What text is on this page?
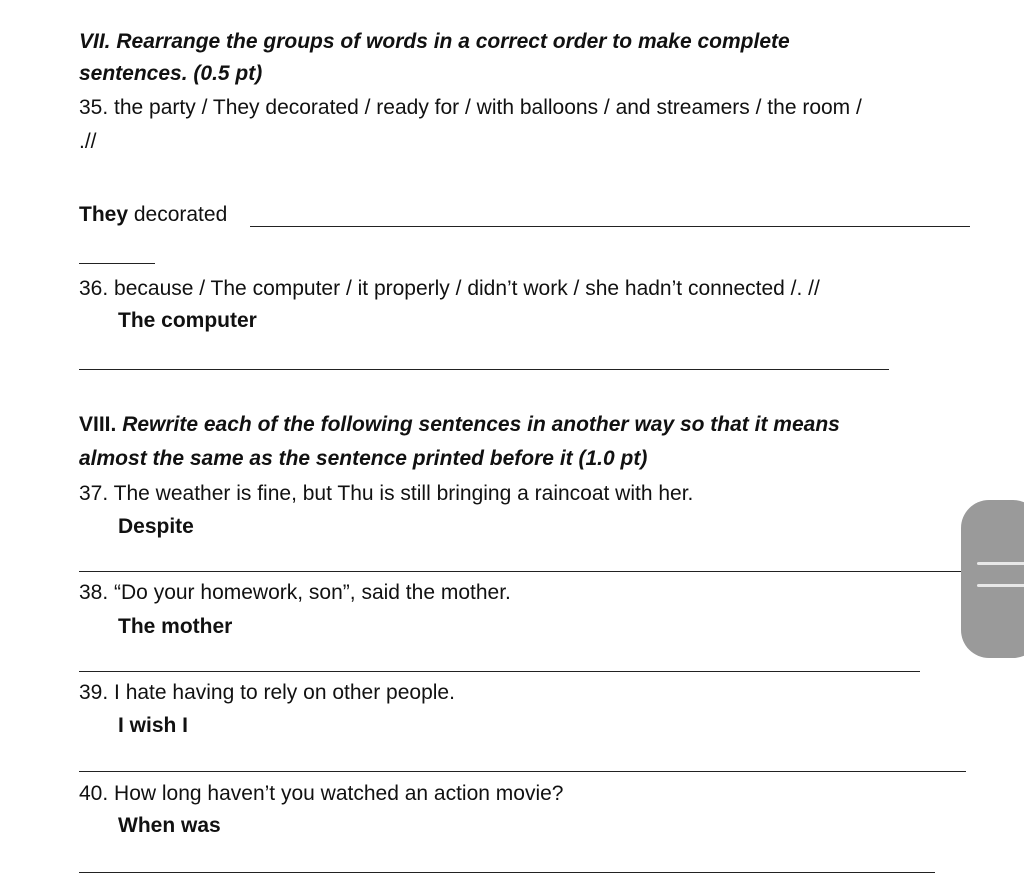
VII. Rearrange the groups of words in a correct order to make complete
sentences. (0.5 pt)
35. the party / They decorated / ready for / with balloons / and streamers / the room /
.//
They decorated
36. because / The computer / it properly / didn’t work / she hadn’t connected /. //
The computer
VIII. Rewrite each of the following sentences in another way so that it means
almost the same as the sentence printed before it (1.0 pt)
37. The weather is fine, but Thu is still bringing a raincoat with her.
Despite
38. “Do your homework, son”, said the mother.
The mother
39. I hate having to rely on other people.
I wish I
40. How long haven’t you watched an action movie?
When was
